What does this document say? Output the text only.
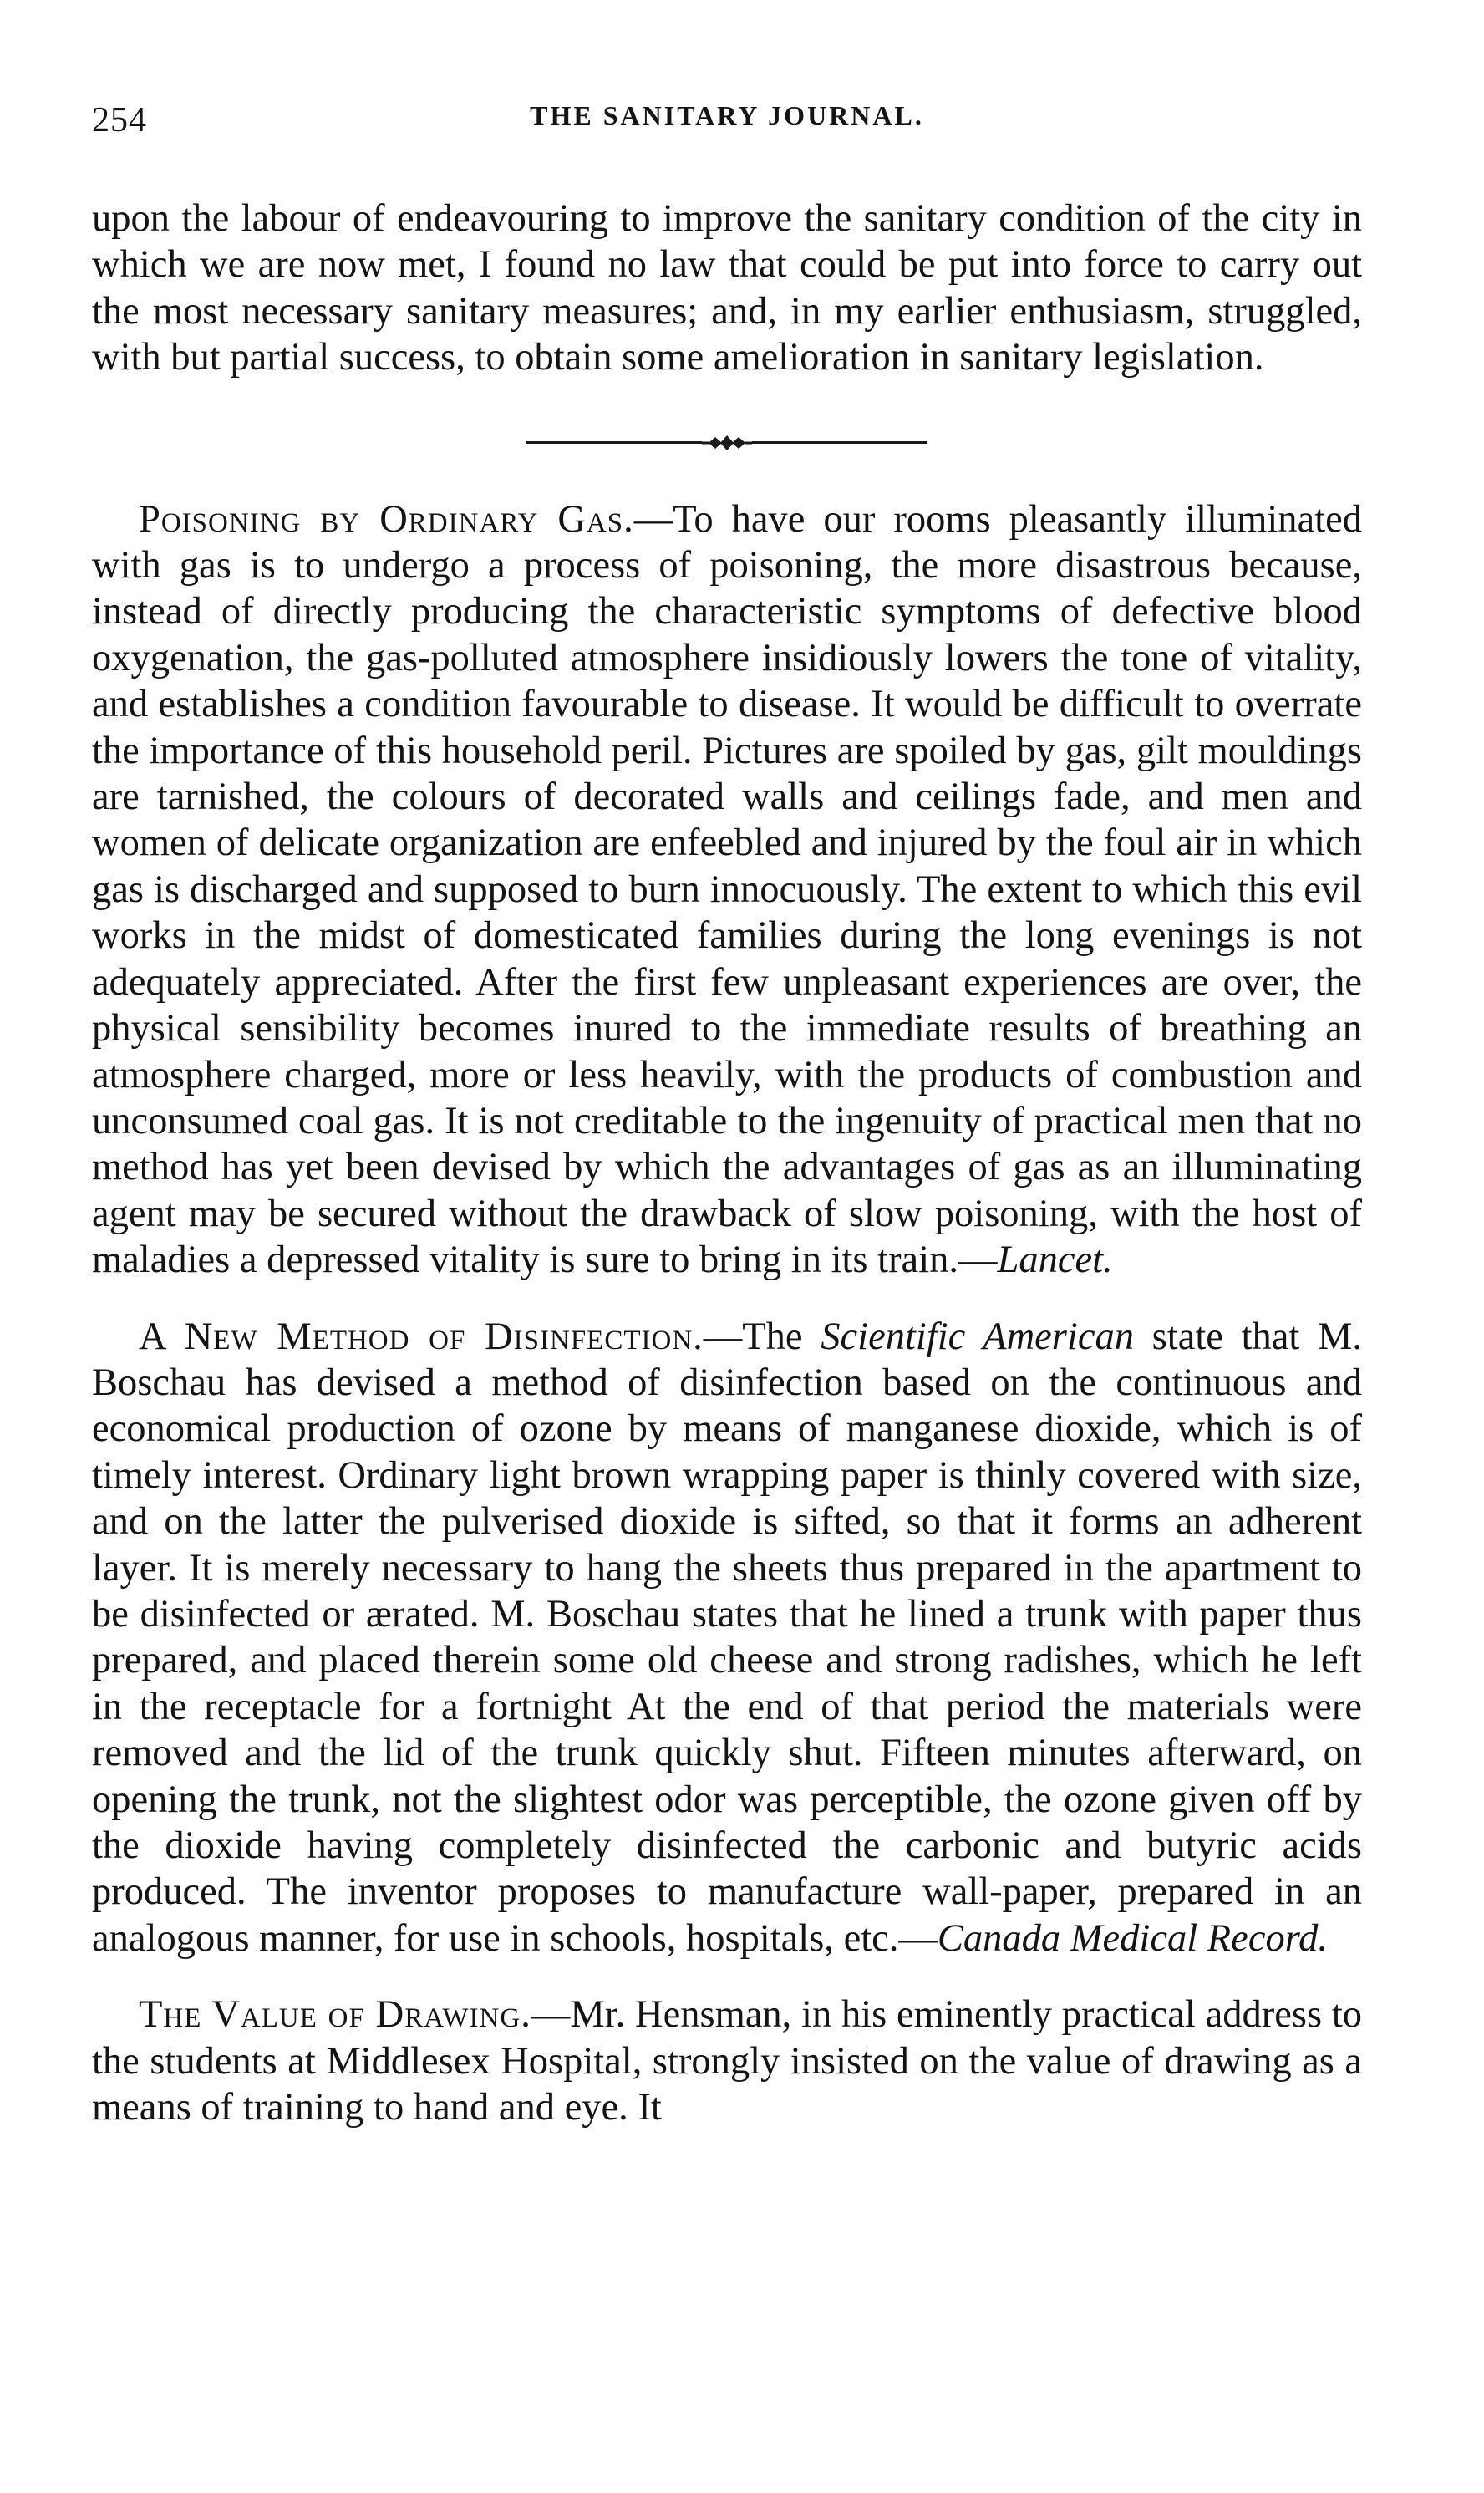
254	THE SANITARY JOURNAL.

upon the labour of endeavouring to improve the sanitary condition of the city in which we are now met, I found no law that could be put into force to carry out the most necessary sanitary measures; and, in my earlier enthusiasm, struggled, with but partial success, to obtain some amelioration in sanitary legislation.

Poisoning by Ordinary Gas.—To have our rooms pleasantly illuminated with gas is to undergo a process of poisoning, the more disastrous because, instead of directly producing the characteristic symptoms of defective blood oxygenation, the gas-polluted atmosphere insidiously lowers the tone of vitality, and establishes a condition favourable to disease. It would be difficult to overrate the importance of this household peril. Pictures are spoiled by gas, gilt mouldings are tarnished, the colours of decorated walls and ceilings fade, and men and women of delicate organization are enfeebled and injured by the foul air in which gas is discharged and supposed to burn innocuously. The extent to which this evil works in the midst of domesticated families during the long evenings is not adequately appreciated. After the first few unpleasant experiences are over, the physical sensibility becomes inured to the immediate results of breathing an atmosphere charged, more or less heavily, with the products of combustion and unconsumed coal gas. It is not creditable to the ingenuity of practical men that no method has yet been devised by which the advantages of gas as an illuminating agent may be secured without the drawback of slow poisoning, with the host of maladies a depressed vitality is sure to bring in its train.—Lancet.

A New Method of Disinfection.—The Scientific American state that M. Boschau has devised a method of disinfection based on the continuous and economical production of ozone by means of manganese dioxide, which is of timely interest. Ordinary light brown wrapping paper is thinly covered with size, and on the latter the pulverised dioxide is sifted, so that it forms an adherent layer. It is merely necessary to hang the sheets thus prepared in the apartment to be disinfected or ærated. M. Boschau states that he lined a trunk with paper thus prepared, and placed therein some old cheese and strong radishes, which he left in the receptacle for a fortnight At the end of that period the materials were removed and the lid of the trunk quickly shut. Fifteen minutes afterward, on opening the trunk, not the slightest odor was perceptible, the ozone given off by the dioxide having completely disinfected the carbonic and butyric acids produced. The inventor proposes to manufacture wall-paper, prepared in an analogous manner, for use in schools, hospitals, etc.—Canada Medical Record.

The Value of Drawing.—Mr. Hensman, in his eminently practical address to the students at Middlesex Hospital, strongly insisted on the value of drawing as a means of training to hand and eye. It
